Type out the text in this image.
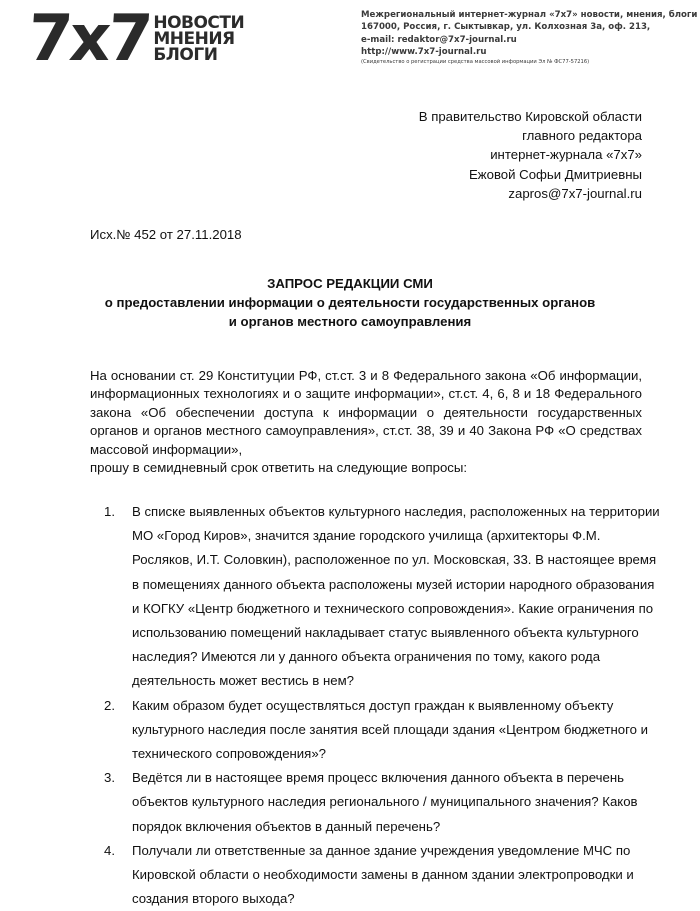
7x7 НОВОСТИ
МНЕНИЯ
БЛОГИ
Межрегиональный интернет-журнал «7х7» новости, мнения, блоги
167000, Россия, г. Сыктывкар, ул. Колхозная 3а, оф. 213,
e-mail: redaktor@7x7-journal.ru
http://www.7x7-journal.ru
(Свидетельство о регистрации средства массовой информации Эл № ФС77-57216)
В правительство Кировской области
главного редактора
интернет-журнала «7х7»
Ежовой Софьи Дмитриевны
zapros@7x7-journal.ru
Исх.№ 452 от 27.11.2018
ЗАПРОС РЕДАКЦИИ СМИ
о предоставлении информации о деятельности государственных органов
и органов местного самоуправления
На основании ст. 29 Конституции РФ, ст.ст. 3 и 8 Федерального закона «Об информации, информационных технологиях и о защите информации», ст.ст. 4, 6, 8 и 18 Федерального закона «Об обеспечении доступа к информации о деятельности государственных органов и органов местного самоуправления», ст.ст. 38, 39 и 40 Закона РФ «О средствах массовой информации»,
прошу в семидневный срок ответить на следующие вопросы:
1.	В списке выявленных объектов культурного наследия, расположенных на территории МО «Город Киров», значится здание городского училища (архитекторы Ф.М. Росляков, И.Т. Соловкин), расположенное по ул. Московская, 33. В настоящее время в помещениях данного объекта расположены музей истории народного образования и КОГКУ «Центр бюджетного и технического сопровождения». Какие ограничения по использованию помещений накладывает статус выявленного объекта культурного наследия? Имеются ли у данного объекта ограничения по тому, какого рода деятельность может вестись в нем?
2.	Каким образом будет осуществляться доступ граждан к выявленному объекту культурного наследия после занятия всей площади здания «Центром бюджетного и технического сопровождения»?
3.	Ведётся ли в настоящее время процесс включения данного объекта в перечень объектов культурного наследия регионального / муниципального значения? Каков порядок включения объектов в данный перечень?
4.	Получали ли ответственные за данное здание учреждения уведомление МЧС по Кировской области о необходимости замены в данном здании электропроводки и создания второго выхода?
